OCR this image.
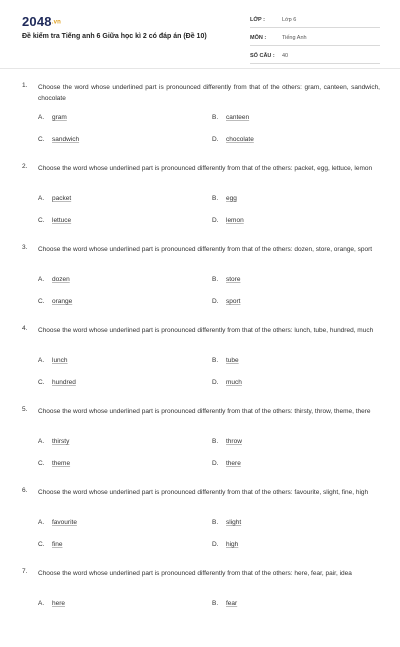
2048.vn
Đề kiểm tra Tiếng anh 6 Giữa học kì 2 có đáp án (Đề 10)
LỚP :	Lớp 6
MÔN :	Tiếng Anh
SỐ CÂU :	40
1. Choose the word whose underlined part is pronounced differently from that of the others: gram, canteen, sandwich, chocolate
A. gram	B. canteen
C. sandwich	D. chocolate
2. Choose the word whose underlined part is pronounced differently from that of the others: packet, egg, lettuce, lemon
A. packet	B. egg
C. lettuce	D. lemon
3. Choose the word whose underlined part is pronounced differently from that of the others: dozen, store, orange, sport
A. dozen	B. store
C. orange	D. sport
4. Choose the word whose underlined part is pronounced differently from that of the others: lunch, tube, hundred, much
A. lunch	B. tube
C. hundred	D. much
5. Choose the word whose underlined part is pronounced differently from that of the others: thirsty, throw, theme, there
A. thirsty	B. throw
C. theme	D. there
6. Choose the word whose underlined part is pronounced differently from that of the others: favourite, slight, fine, high
A. favourite	B. slight
C. fine	D. high
7. Choose the word whose underlined part is pronounced differently from that of the others: here, fear, pair, idea
A. here	B. fear
